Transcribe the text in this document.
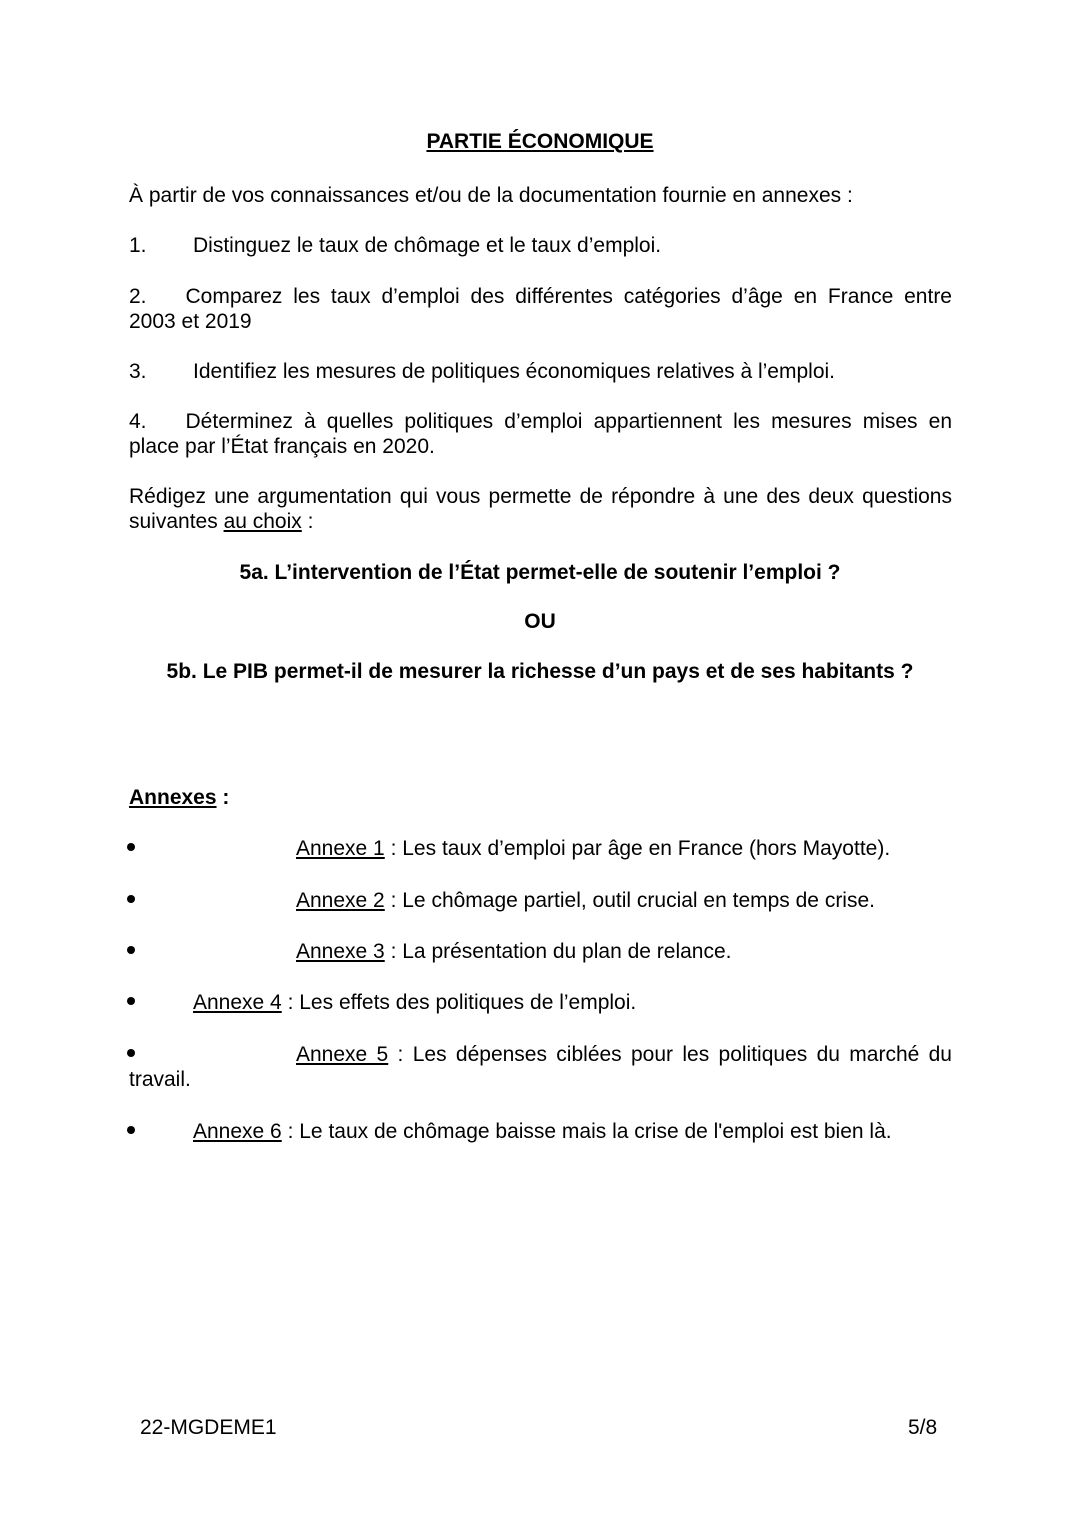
PARTIE ÉCONOMIQUE
À partir de vos connaissances et/ou de la documentation fournie en annexes :
1. Distinguez le taux de chômage et le taux d’emploi.
2. Comparez les taux d’emploi des différentes catégories d’âge en France entre 2003 et 2019
3. Identifiez les mesures de politiques économiques relatives à l’emploi.
4. Déterminez à quelles politiques d’emploi appartiennent les mesures mises en place par l’État français en 2020.
Rédigez une argumentation qui vous permette de répondre à une des deux questions suivantes au choix :
5a. L’intervention de l’État permet-elle de soutenir l’emploi ?
OU
5b. Le PIB permet-il de mesurer la richesse d’un pays et de ses habitants ?
Annexes :
Annexe 1 : Les taux d’emploi par âge en France (hors Mayotte).
Annexe 2 : Le chômage partiel, outil crucial en temps de crise.
Annexe 3 : La présentation du plan de relance.
Annexe 4 : Les effets des politiques de l’emploi.
Annexe 5 : Les dépenses ciblées pour les politiques du marché du
travail.
Annexe 6 : Le taux de chômage baisse mais la crise de l'emploi est bien là.
22-MGDEME1	5/8
